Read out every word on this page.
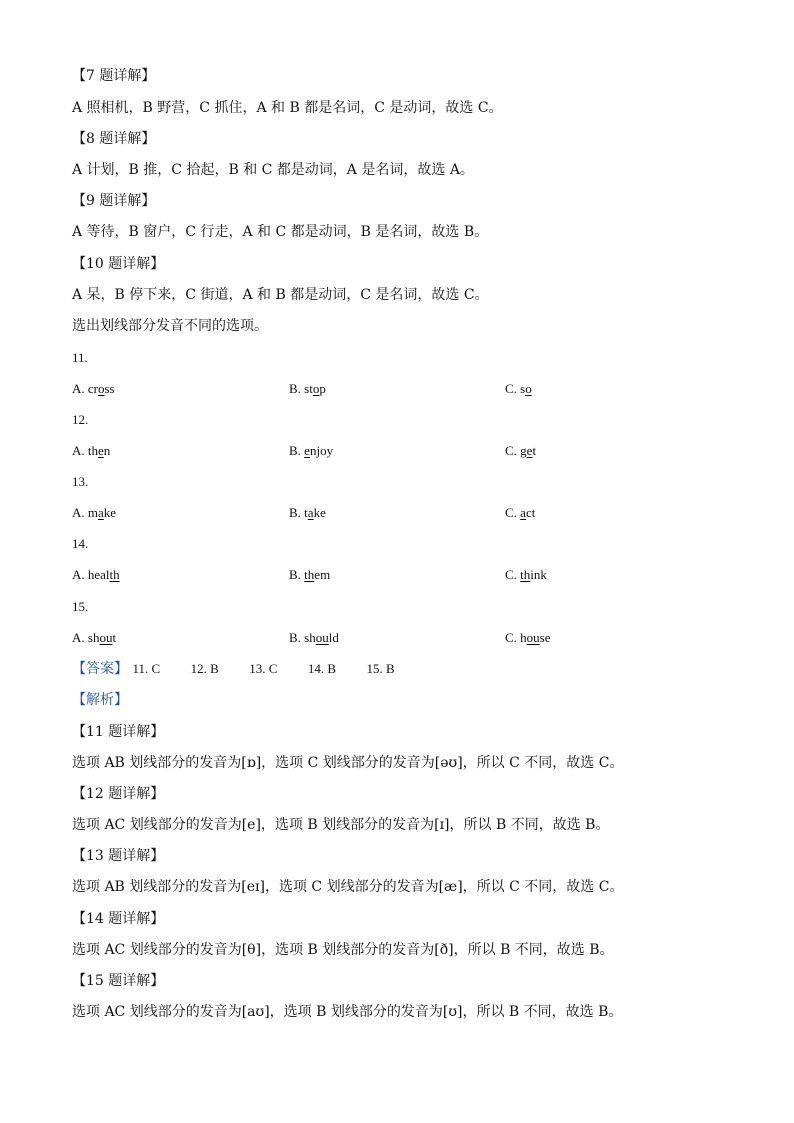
【7 题详解】
A 照相机，B 野营，C 抓住，A 和 B 都是名词，C 是动词，故选 C。
【8 题详解】
A 计划，B 推，C 拾起，B 和 C 都是动词，A 是名词，故选 A。
【9 题详解】
A 等待，B 窗户，C 行走，A 和 C 都是动词，B 是名词，故选 B。
【10 题详解】
A 呆，B 停下来，C 街道，A 和 B 都是动词，C 是名词，故选 C。
选出划线部分发音不同的选项。
11.
A. cross	B. stop	C. so
12.
A. then	B. enjoy	C. get
13.
A. make	B. take	C. act
14.
A. health	B. them	C. think
15.
A. shout	B. should	C. house
【答案】 11. C 12. B 13. C 14. B 15. B
【解析】
【11 题详解】
选项 AB 划线部分的发音为[ɒ]，选项 C 划线部分的发音为[əʊ]，所以 C 不同，故选 C。
【12 题详解】
选项 AC 划线部分的发音为[e]，选项 B 划线部分的发音为[ɪ]，所以 B 不同，故选 B。
【13 题详解】
选项 AB 划线部分的发音为[eɪ]，选项 C 划线部分的发音为[æ]，所以 C 不同，故选 C。
【14 题详解】
选项 AC 划线部分的发音为[θ]，选项 B 划线部分的发音为[ð]，所以 B 不同，故选 B。
【15 题详解】
选项 AC 划线部分的发音为[aʊ]，选项 B 划线部分的发音为[ʊ]，所以 B 不同，故选 B。
